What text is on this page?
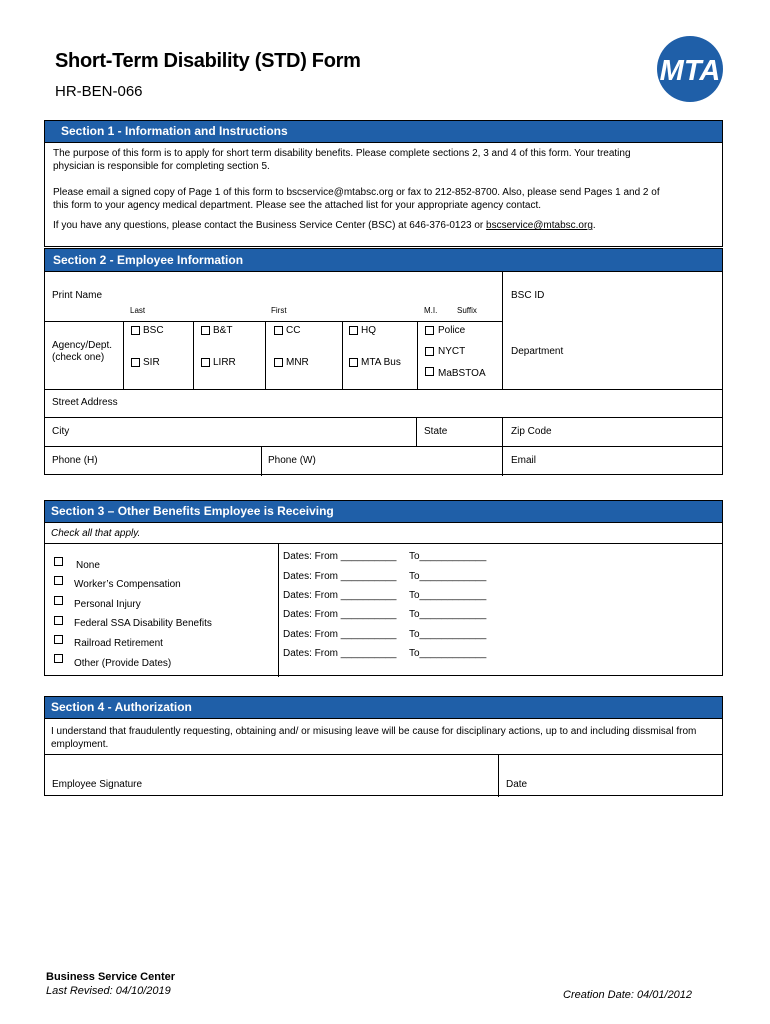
Short-Term Disability (STD) Form
HR-BEN-066
MTA
Section 1 - Information and Instructions
The purpose of this form is to apply for short term disability benefits. Please complete sections 2, 3 and 4 of this form. Your treating physician is responsible for completing section 5.
Please email a signed copy of Page 1 of this form to bscservice@mtabsc.org or fax to 212-852-8700. Also, please send Pages 1 and 2 of this form to your agency medical department. Please see the attached list for your appropriate agency contact.
If you have any questions, please contact the Business Service Center (BSC) at 646-376-0123 or bscservice@mtabsc.org.
Section 2 - Employee Information
Print Name
Last	First	M.I. Suffix
BSC ID
Agency/Dept.
(check one)
BSC	B&T	CC	HQ	Police
SIR	LIRR	MNR	MTA Bus
NYCT
MaBSTOA
Department
Street Address
City	State	Zip Code
Phone (H)	Phone (W)	Email
Section 3 – Other Benefits Employee is Receiving
Check all that apply.
None
Worker’s Compensation
Personal Injury
Federal SSA Disability Benefits
Railroad Retirement
Other (Provide Dates)
Dates: From __________ To____________
Dates: From __________ To____________
Dates: From __________ To____________
Dates: From __________ To____________
Dates: From __________ To____________
Dates: From __________ To____________
Section 4 - Authorization
I understand that fraudulently requesting, obtaining and/ or misusing leave will be cause for disciplinary actions, up to and including dissmisal from employment.
Employee Signature	Date
Business Service Center
Last Revised: 04/10/2019	Creation Date: 04/01/2012
